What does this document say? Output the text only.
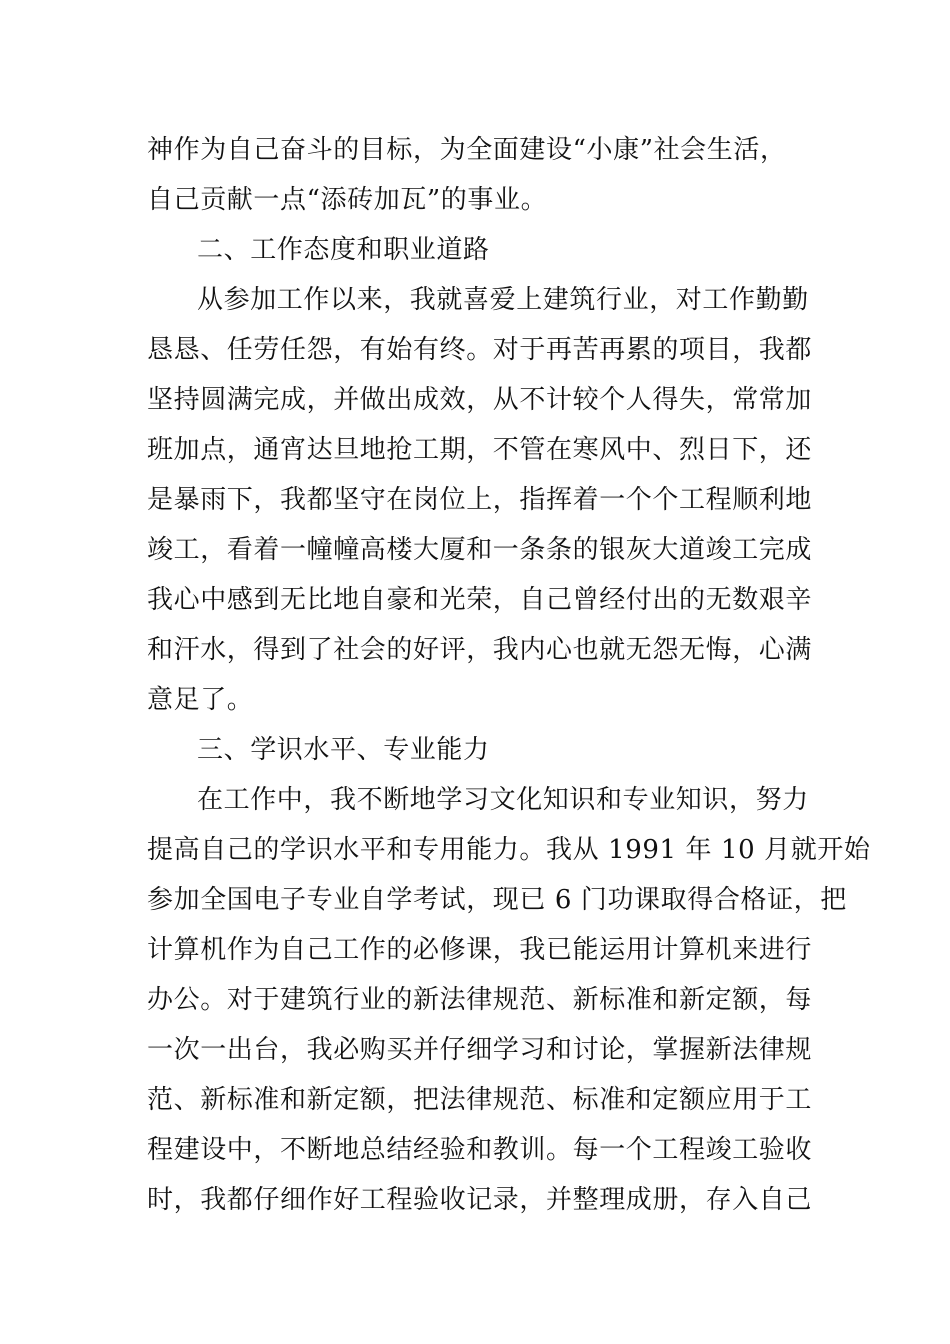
神作为自己奋斗的目标，为全面建设“小康”社会生活，
自己贡献一点“添砖加瓦”的事业。
二、工作态度和职业道路
从参加工作以来，我就喜爱上建筑行业，对工作勤勤
恳恳、任劳任怨，有始有终。对于再苦再累的项目，我都
坚持圆满完成，并做出成效，从不计较个人得失，常常加
班加点，通宵达旦地抢工期，不管在寒风中、烈日下，还
是暴雨下，我都坚守在岗位上，指挥着一个个工程顺利地
竣工，看着一幢幢高楼大厦和一条条的银灰大道竣工完成
我心中感到无比地自豪和光荣，自己曾经付出的无数艰辛
和汗水，得到了社会的好评，我内心也就无怨无悔，心满
意足了。
三、学识水平、专业能力
在工作中，我不断地学习文化知识和专业知识，努力
提高自己的学识水平和专用能力。我从 1991 年 10 月就开始
参加全国电子专业自学考试，现已 6 门功课取得合格证，把
计算机作为自己工作的必修课，我已能运用计算机来进行
办公。对于建筑行业的新法律规范、新标准和新定额，每
一次一出台，我必购买并仔细学习和讨论，掌握新法律规
范、新标准和新定额，把法律规范、标准和定额应用于工
程建设中，不断地总结经验和教训。每一个工程竣工验收
时，我都仔细作好工程验收记录，并整理成册，存入自己
